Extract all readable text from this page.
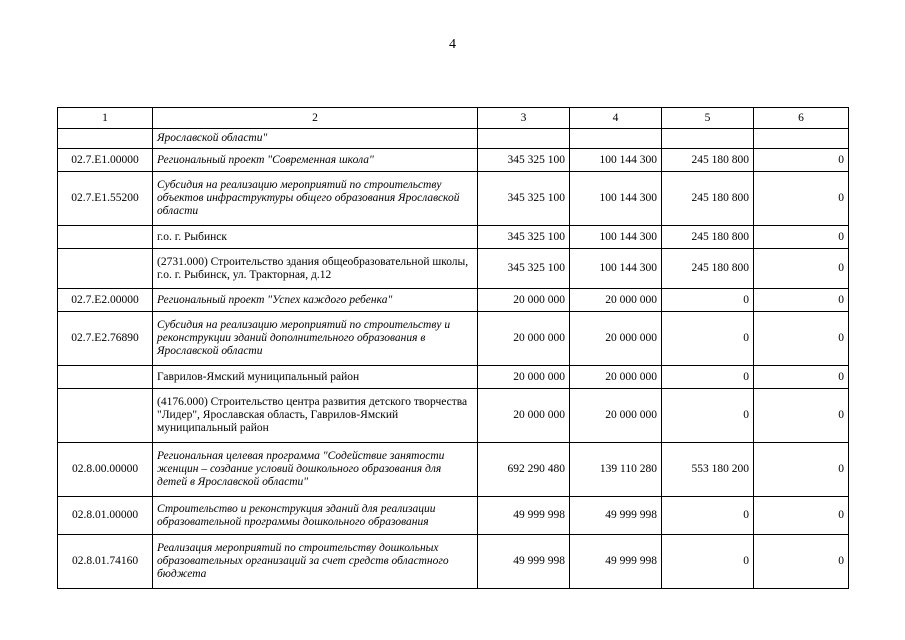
4
1	2	3	4	5	6
	Ярославской области"				
02.7.E1.00000	Региональный проект "Современная школа"	345 325 100	100 144 300	245 180 800	0
02.7.E1.55200	Субсидия на реализацию мероприятий по строительству объектов инфраструктуры общего образования Ярославской области	345 325 100	100 144 300	245 180 800	0
	г.о. г. Рыбинск	345 325 100	100 144 300	245 180 800	0
	(2731.000) Строительство здания общеобразовательной школы, г.о. г. Рыбинск, ул. Тракторная, д.12	345 325 100	100 144 300	245 180 800	0
02.7.E2.00000	Региональный проект "Успех каждого ребенка"	20 000 000	20 000 000	0	0
02.7.E2.76890	Субсидия на реализацию мероприятий по строительству и реконструкции зданий дополнительного образования в Ярославской области	20 000 000	20 000 000	0	0
	Гаврилов-Ямский муниципальный район	20 000 000	20 000 000	0	0
	(4176.000) Строительство центра развития детского творчества "Лидер", Ярославская область, Гаврилов-Ямский муниципальный район	20 000 000	20 000 000	0	0
02.8.00.00000	Региональная целевая программа "Содействие занятости женщин – создание условий дошкольного образования для детей в Ярославской области"	692 290 480	139 110 280	553 180 200	0
02.8.01.00000	Строительство и реконструкция зданий для реализации образовательной программы дошкольного образования	49 999 998	49 999 998	0	0
02.8.01.74160	Реализация мероприятий по строительству дошкольных образовательных организаций за счет средств областного бюджета	49 999 998	49 999 998	0	0
